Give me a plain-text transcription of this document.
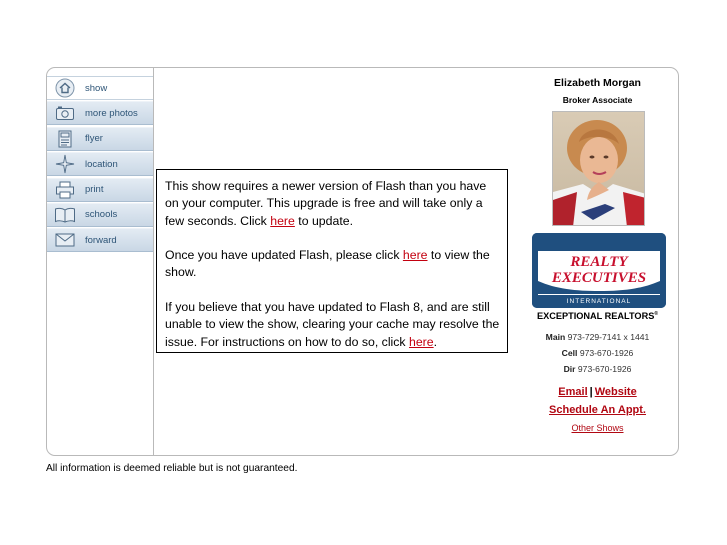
show
more photos
flyer
location
print
schools
forward

This show requires a newer version of Flash than you have on your computer. This upgrade is free and will take only a few seconds. Click here to update.

Once you have updated Flash, please click here to view the show.

If you believe that you have updated to Flash 8, and are still unable to view the show, clearing your cache may resolve the issue. For instructions on how to do so, click here.

Elizabeth Morgan
Broker Associate
REALTY
EXECUTIVES
INTERNATIONAL
EXCEPTIONAL REALTORS®
Main 973-729-7141 x 1441
Cell 973-670-1926
Dir 973-670-1926
Email | Website
Schedule An Appt.
Other Shows
All information is deemed reliable but is not guaranteed.
